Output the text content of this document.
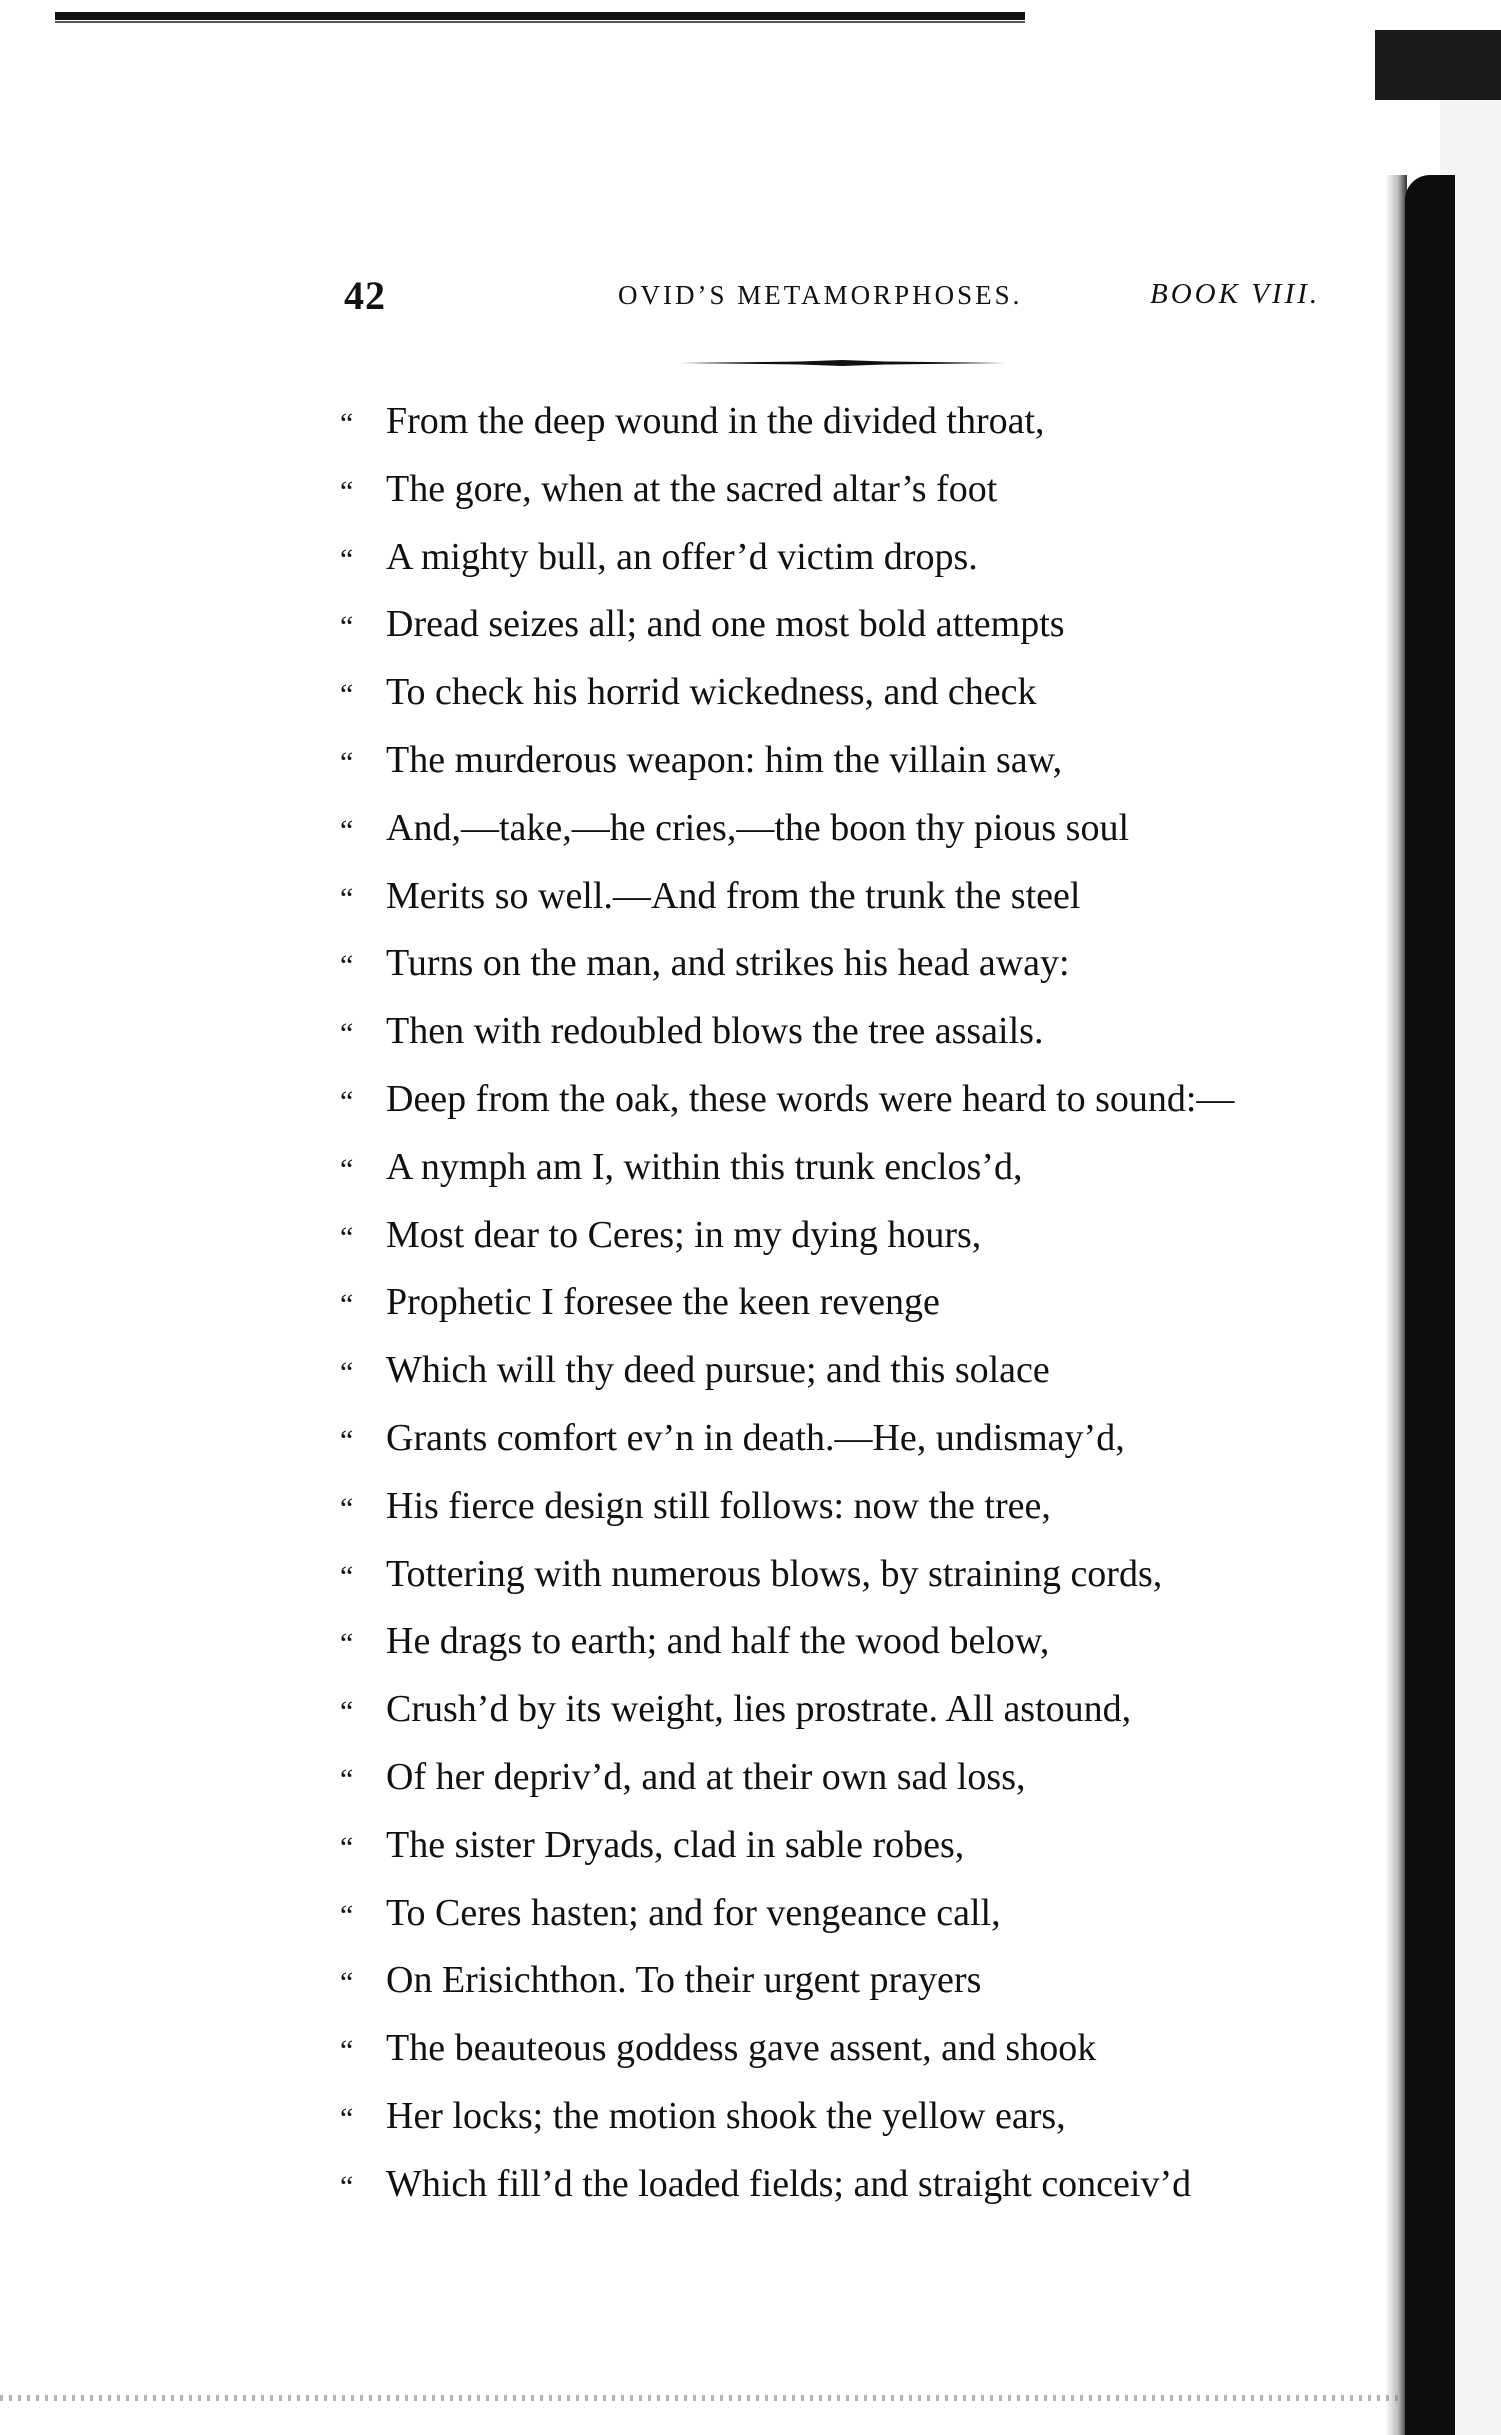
42	OVID’S METAMORPHOSES.	BOOK VIII.
“ From the deep wound in the divided throat,
“ The gore, when at the sacred altar’s foot
“ A mighty bull, an offer’d victim drops.
“ Dread seizes all; and one most bold attempts
“ To check his horrid wickedness, and check
“ The murderous weapon: him the villain saw,
“ And,—take,—he cries,—the boon thy pious soul
“ Merits so well.—And from the trunk the steel
“ Turns on the man, and strikes his head away:
“ Then with redoubled blows the tree assails.
“ Deep from the oak, these words were heard to sound:—
“ A nymph am I, within this trunk enclos’d,
“ Most dear to Ceres; in my dying hours,
“ Prophetic I foresee the keen revenge
“ Which will thy deed pursue; and this solace
“ Grants comfort ev’n in death.—He, undismay’d,
“ His fierce design still follows: now the tree,
“ Tottering with numerous blows, by straining cords,
“ He drags to earth; and half the wood below,
“ Crush’d by its weight, lies prostrate. All astound,
“ Of her depriv’d, and at their own sad loss,
“ The sister Dryads, clad in sable robes,
“ To Ceres hasten; and for vengeance call,
“ On Erisichthon. To their urgent prayers
“ The beauteous goddess gave assent, and shook
“ Her locks; the motion shook the yellow ears,
“ Which fill’d the loaded fields; and straight conceiv’d
